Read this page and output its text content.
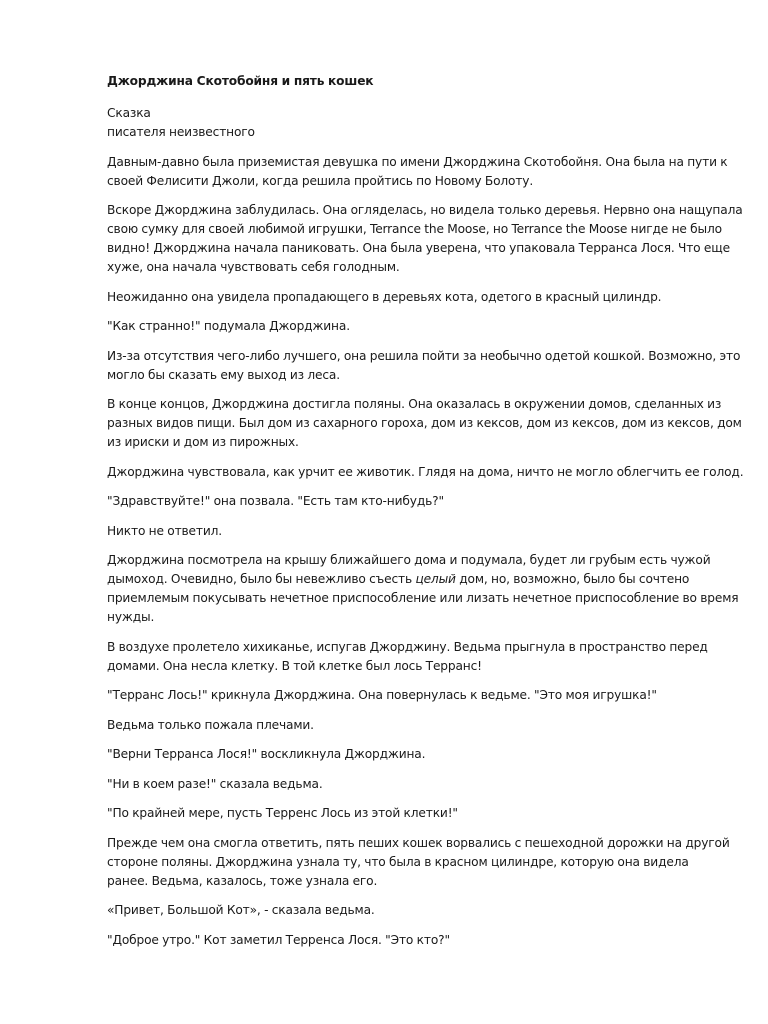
Джорджина Скотобойня и пять кошек

Сказка
писателя неизвестного

Давным-давно была приземистая девушка по имени Джорджина Скотобойня. Она была на пути к
своей Фелисити Джоли, когда решила пройтись по Новому Болоту.

Вскоре Джорджина заблудилась. Она огляделась, но видела только деревья. Нервно она нащупала
свою сумку для своей любимой игрушки, Terrance the Moose, но Terrance the Moose нигде не было
видно! Джорджина начала паниковать. Она была уверена, что упаковала Терранса Лося. Что еще
хуже, она начала чувствовать себя голодным.

Неожиданно она увидела пропадающего в деревьях кота, одетого в красный цилиндр.

"Как странно!" подумала Джорджина.

Из-за отсутствия чего-либо лучшего, она решила пойти за необычно одетой кошкой. Возможно, это
могло бы сказать ему выход из леса.

В конце концов, Джорджина достигла поляны. Она оказалась в окружении домов, сделанных из
разных видов пищи. Был дом из сахарного гороха, дом из кексов, дом из кексов, дом из кексов, дом
из ириски и дом из пирожных.

Джорджина чувствовала, как урчит ее животик. Глядя на дома, ничто не могло облегчить ее голод.

"Здравствуйте!" она позвала. "Есть там кто-нибудь?"

Никто не ответил.

Джорджина посмотрела на крышу ближайшего дома и подумала, будет ли грубым есть чужой
дымоход. Очевидно, было бы невежливо съесть целый дом, но, возможно, было бы сочтено
приемлемым покусывать нечетное приспособление или лизать нечетное приспособление во время
нужды.

В воздухе пролетело хихиканье, испугав Джорджину. Ведьма прыгнула в пространство перед
домами. Она несла клетку. В той клетке был лось Терранс!

"Терранс Лось!" крикнула Джорджина. Она повернулась к ведьме. "Это моя игрушка!"

Ведьма только пожала плечами.

"Верни Терранса Лося!" воскликнула Джорджина.

"Ни в коем разе!" сказала ведьма.

"По крайней мере, пусть Терренс Лось из этой клетки!"

Прежде чем она смогла ответить, пять пеших кошек ворвались с пешеходной дорожки на другой
стороне поляны. Джорджина узнала ту, что была в красном цилиндре, которую она видела
ранее. Ведьма, казалось, тоже узнала его.

«Привет, Большой Кот», - сказала ведьма.

"Доброе утро." Кот заметил Терренса Лося. "Это кто?"
